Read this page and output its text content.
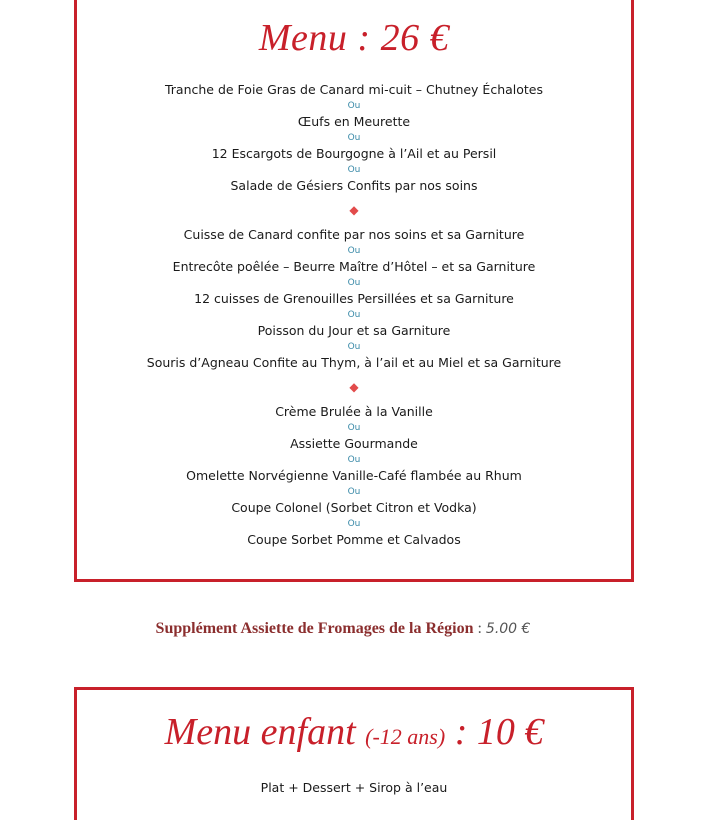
Menu : 26 €
Tranche de Foie Gras de Canard mi-cuit – Chutney Échalotes
Ou
Œufs en Meurette
Ou
12 Escargots de Bourgogne à l’Ail et au Persil
Ou
Salade de Gésiers Confits par nos soins
◆
Cuisse de Canard confite par nos soins et sa Garniture
Ou
Entrecôte poêlée – Beurre Maître d’Hôtel – et sa Garniture
Ou
12 cuisses de Grenouilles Persillées et sa Garniture
Ou
Poisson du Jour et sa Garniture
Ou
Souris d’Agneau Confite au Thym, à l’ail et au Miel et sa Garniture
◆
Crème Brulée à la Vanille
Ou
Assiette Gourmande
Ou
Omelette Norvégienne Vanille-Café flambée au Rhum
Ou
Coupe Colonel (Sorbet Citron et Vodka)
Ou
Coupe Sorbet Pomme et Calvados
Supplément Assiette de Fromages de la Région : 5.00 €
Menu enfant (-12 ans) : 10 €
Plat + Dessert + Sirop à l’eau
